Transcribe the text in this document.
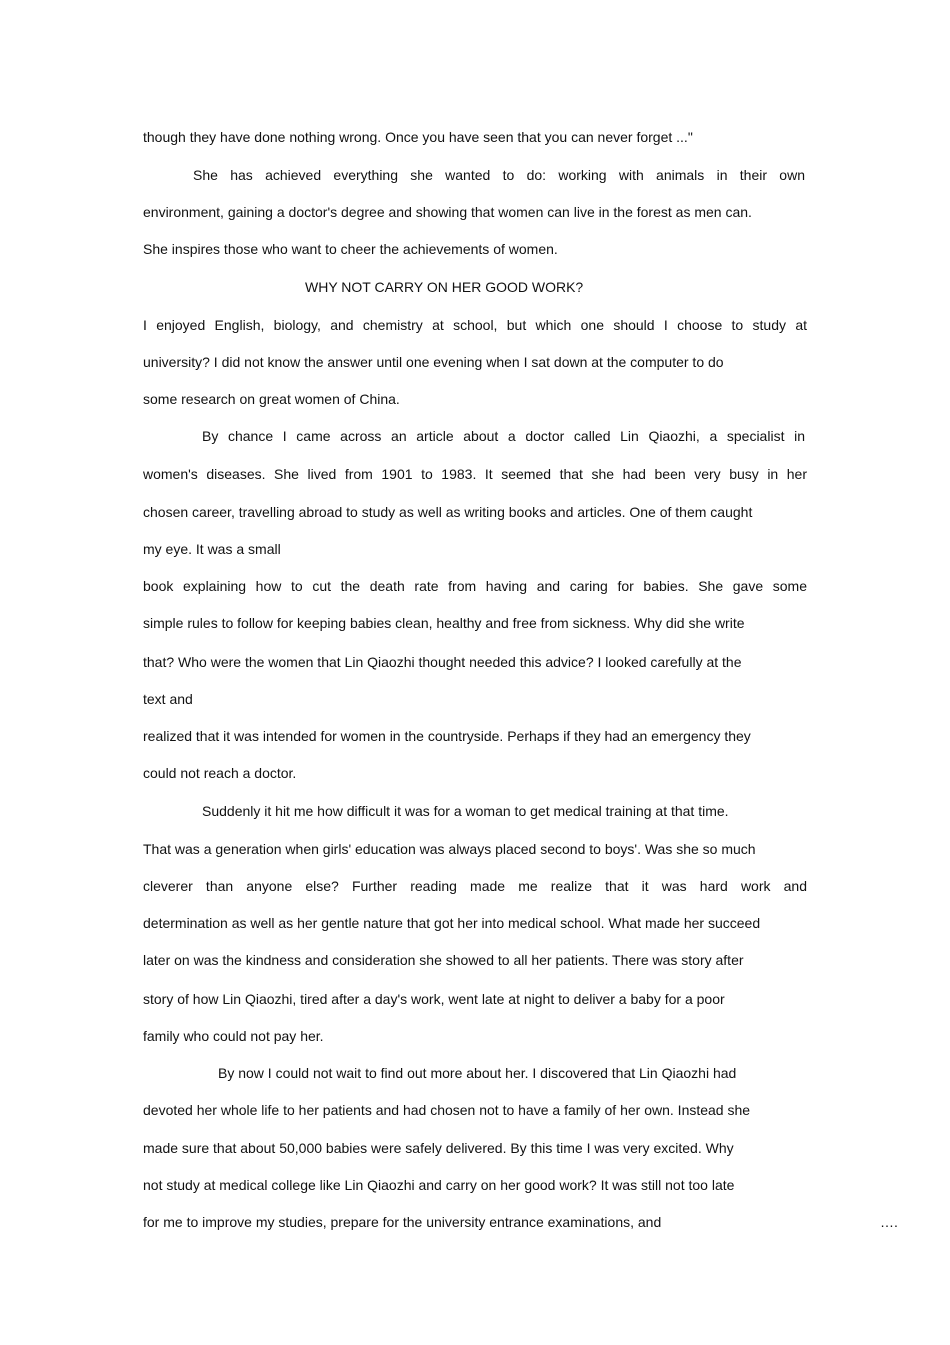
though they have done nothing wrong. Once you have seen that you can never forget ..."
She has achieved everything she wanted to do: working with animals in their own
environment, gaining a doctor's degree and showing that women can live in the forest as men can.
She inspires those who want to cheer the achievements of women.
WHY NOT CARRY ON HER GOOD WORK?
I enjoyed English, biology, and chemistry at school, but which one should I choose to study at
university? I did not know the answer until one evening when I sat down at the computer to do
some research on great women of China.
By chance I came across an article about a doctor called Lin Qiaozhi, a specialist in
women's diseases. She lived from 1901 to 1983. It seemed that she had been very busy in her
chosen career, travelling abroad to study as well as writing books and articles. One of them caught
my eye. It was a small
book explaining how to cut the death rate from having and caring for babies. She gave some
simple rules to follow for keeping babies clean, healthy and free from sickness. Why did she write
that? Who were the women that Lin Qiaozhi thought needed this advice? I looked carefully at the
text and
realized that it was intended for women in the countryside. Perhaps if they had an emergency they
could not reach a doctor.
Suddenly it hit me how difficult it was for a woman to get medical training at that time.
That was a generation when girls' education was always placed second to boys'. Was she so much
cleverer than anyone else? Further reading made me realize that it was hard work and
determination as well as her gentle nature that got her into medical school. What made her succeed
later on was the kindness and consideration she showed to all her patients. There was story after
story of how Lin Qiaozhi, tired after a day's work, went late at night to deliver a baby for a poor
family who could not pay her.
By now I could not wait to find out more about her. I discovered that Lin Qiaozhi had
devoted her whole life to her patients and had chosen not to have a family of her own. Instead she
made sure that about 50,000 babies were safely delivered. By this time I was very excited. Why
not study at medical college like Lin Qiaozhi and carry on her good work? It was still not too late
for me to improve my studies, prepare for the university entrance examinations, and	….
